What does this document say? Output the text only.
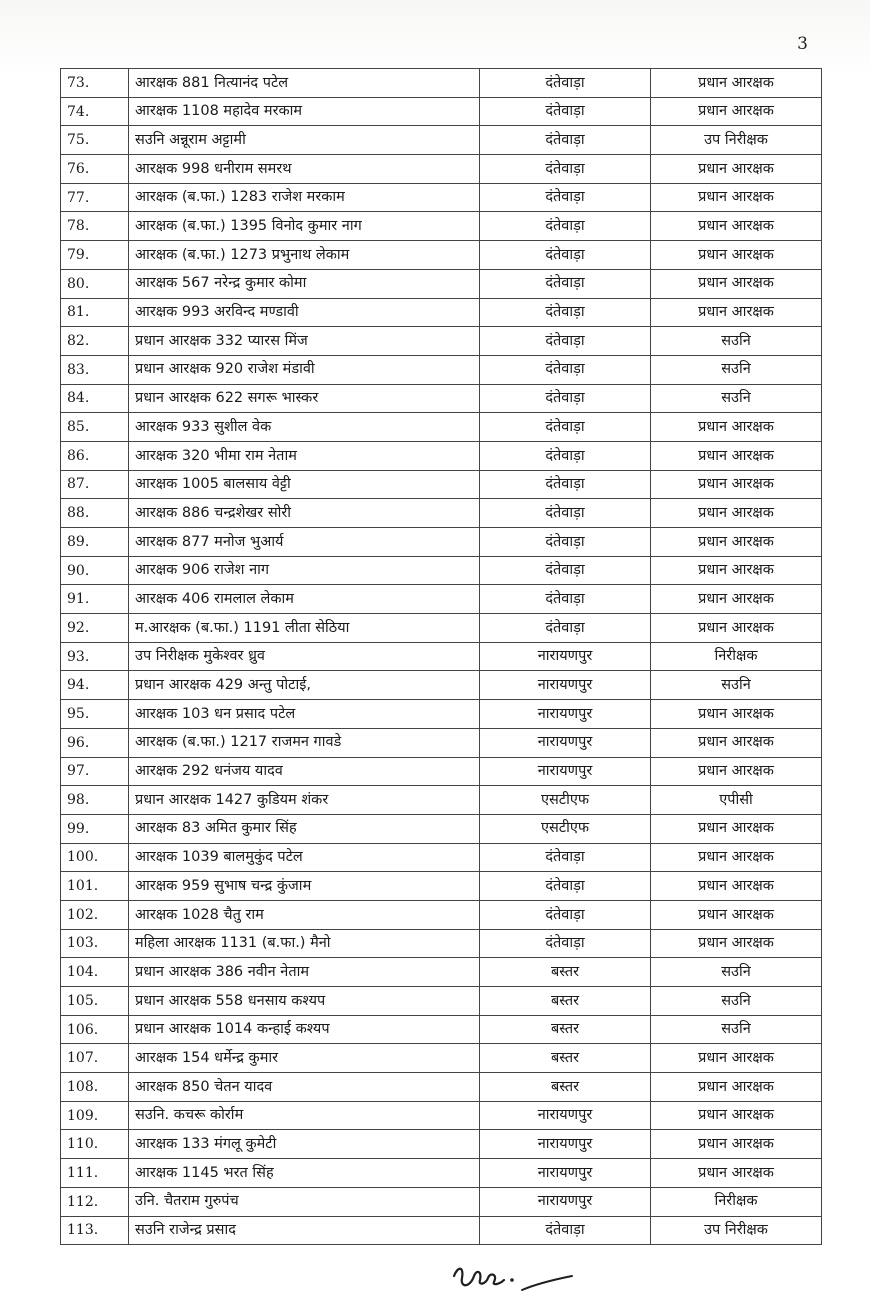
3
73.	आरक्षक 881 नित्यानंद पटेल	दंतेवाड़ा	प्रधान आरक्षक
74.	आरक्षक 1108 महादेव मरकाम	दंतेवाड़ा	प्रधान आरक्षक
75.	सउनि अन्नूराम अट्टामी	दंतेवाड़ा	उप निरीक्षक
76.	आरक्षक 998 धनीराम समरथ	दंतेवाड़ा	प्रधान आरक्षक
77.	आरक्षक (ब.फा.) 1283 राजेश मरकाम	दंतेवाड़ा	प्रधान आरक्षक
78.	आरक्षक (ब.फा.) 1395 विनोद कुमार नाग	दंतेवाड़ा	प्रधान आरक्षक
79.	आरक्षक (ब.फा.) 1273 प्रभुनाथ लेकाम	दंतेवाड़ा	प्रधान आरक्षक
80.	आरक्षक 567 नरेन्द्र कुमार कोमा	दंतेवाड़ा	प्रधान आरक्षक
81.	आरक्षक 993 अरविन्द मण्डावी	दंतेवाड़ा	प्रधान आरक्षक
82.	प्रधान आरक्षक 332 प्यारस मिंज	दंतेवाड़ा	सउनि
83.	प्रधान आरक्षक 920 राजेश मंडावी	दंतेवाड़ा	सउनि
84.	प्रधान आरक्षक 622 सगरू भास्कर	दंतेवाड़ा	सउनि
85.	आरक्षक 933 सुशील वेक	दंतेवाड़ा	प्रधान आरक्षक
86.	आरक्षक 320 भीमा राम नेताम	दंतेवाड़ा	प्रधान आरक्षक
87.	आरक्षक 1005 बालसाय वेट्टी	दंतेवाड़ा	प्रधान आरक्षक
88.	आरक्षक 886 चन्द्रशेखर सोरी	दंतेवाड़ा	प्रधान आरक्षक
89.	आरक्षक 877 मनोज भुआर्य	दंतेवाड़ा	प्रधान आरक्षक
90.	आरक्षक 906 राजेश नाग	दंतेवाड़ा	प्रधान आरक्षक
91.	आरक्षक 406 रामलाल लेकाम	दंतेवाड़ा	प्रधान आरक्षक
92.	म.आरक्षक (ब.फा.) 1191 लीता सेठिया	दंतेवाड़ा	प्रधान आरक्षक
93.	उप निरीक्षक मुकेश्वर ध्रुव	नारायणपुर	निरीक्षक
94.	प्रधान आरक्षक 429 अन्तु पोटाई,	नारायणपुर	सउनि
95.	आरक्षक 103 धन प्रसाद पटेल	नारायणपुर	प्रधान आरक्षक
96.	आरक्षक (ब.फा.) 1217 राजमन गावडे	नारायणपुर	प्रधान आरक्षक
97.	आरक्षक 292 धनंजय यादव	नारायणपुर	प्रधान आरक्षक
98.	प्रधान आरक्षक 1427 कुडियम शंकर	एसटीएफ	एपीसी
99.	आरक्षक 83 अमित कुमार सिंह	एसटीएफ	प्रधान आरक्षक
100.	आरक्षक 1039 बालमुकुंद पटेल	दंतेवाड़ा	प्रधान आरक्षक
101.	आरक्षक 959 सुभाष चन्द्र कुंजाम	दंतेवाड़ा	प्रधान आरक्षक
102.	आरक्षक 1028 चैतु राम	दंतेवाड़ा	प्रधान आरक्षक
103.	महिला आरक्षक 1131 (ब.फा.) मैनो	दंतेवाड़ा	प्रधान आरक्षक
104.	प्रधान आरक्षक 386 नवीन नेताम	बस्तर	सउनि
105.	प्रधान आरक्षक 558 धनसाय कश्यप	बस्तर	सउनि
106.	प्रधान आरक्षक 1014 कन्हाई कश्यप	बस्तर	सउनि
107.	आरक्षक 154 धर्मेन्द्र कुमार	बस्तर	प्रधान आरक्षक
108.	आरक्षक 850 चेतन यादव	बस्तर	प्रधान आरक्षक
109.	सउनि. कचरू कोर्राम	नारायणपुर	प्रधान आरक्षक
110.	आरक्षक 133 मंगलू कुमेटी	नारायणपुर	प्रधान आरक्षक
111.	आरक्षक 1145 भरत सिंह	नारायणपुर	प्रधान आरक्षक
112.	उनि. चैतराम गुरुपंच	नारायणपुर	निरीक्षक
113.	सउनि राजेन्द्र प्रसाद	दंतेवाड़ा	उप निरीक्षक
